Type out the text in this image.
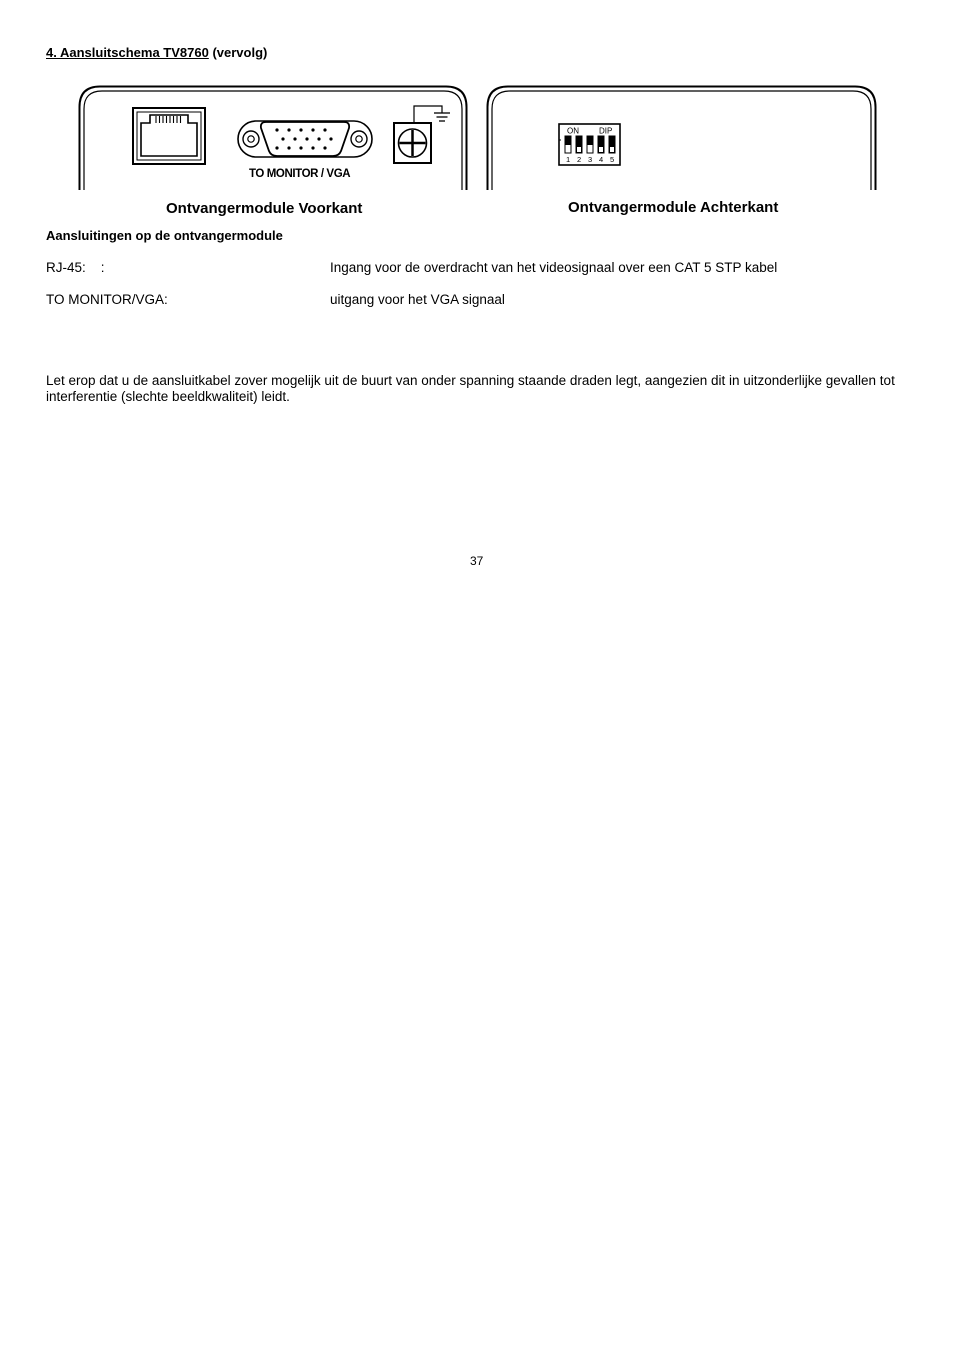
4. Aansluitschema TV8760 (vervolg)
TO MONITOR / VGA
ON	DIP
1 2 3 4 5
Ontvangermodule Voorkant	Ontvangermodule Achterkant
Aansluitingen op de ontvangermodule
RJ-45:    :	Ingang voor de overdracht van het videosignaal over een CAT 5 STP kabel
TO MONITOR/VGA:	uitgang voor het VGA signaal
Let erop dat u de aansluitkabel zover mogelijk uit de buurt van onder spanning staande draden legt, aangezien dit in uitzonderlijke gevallen tot interferentie (slechte beeldkwaliteit) leidt.
37
